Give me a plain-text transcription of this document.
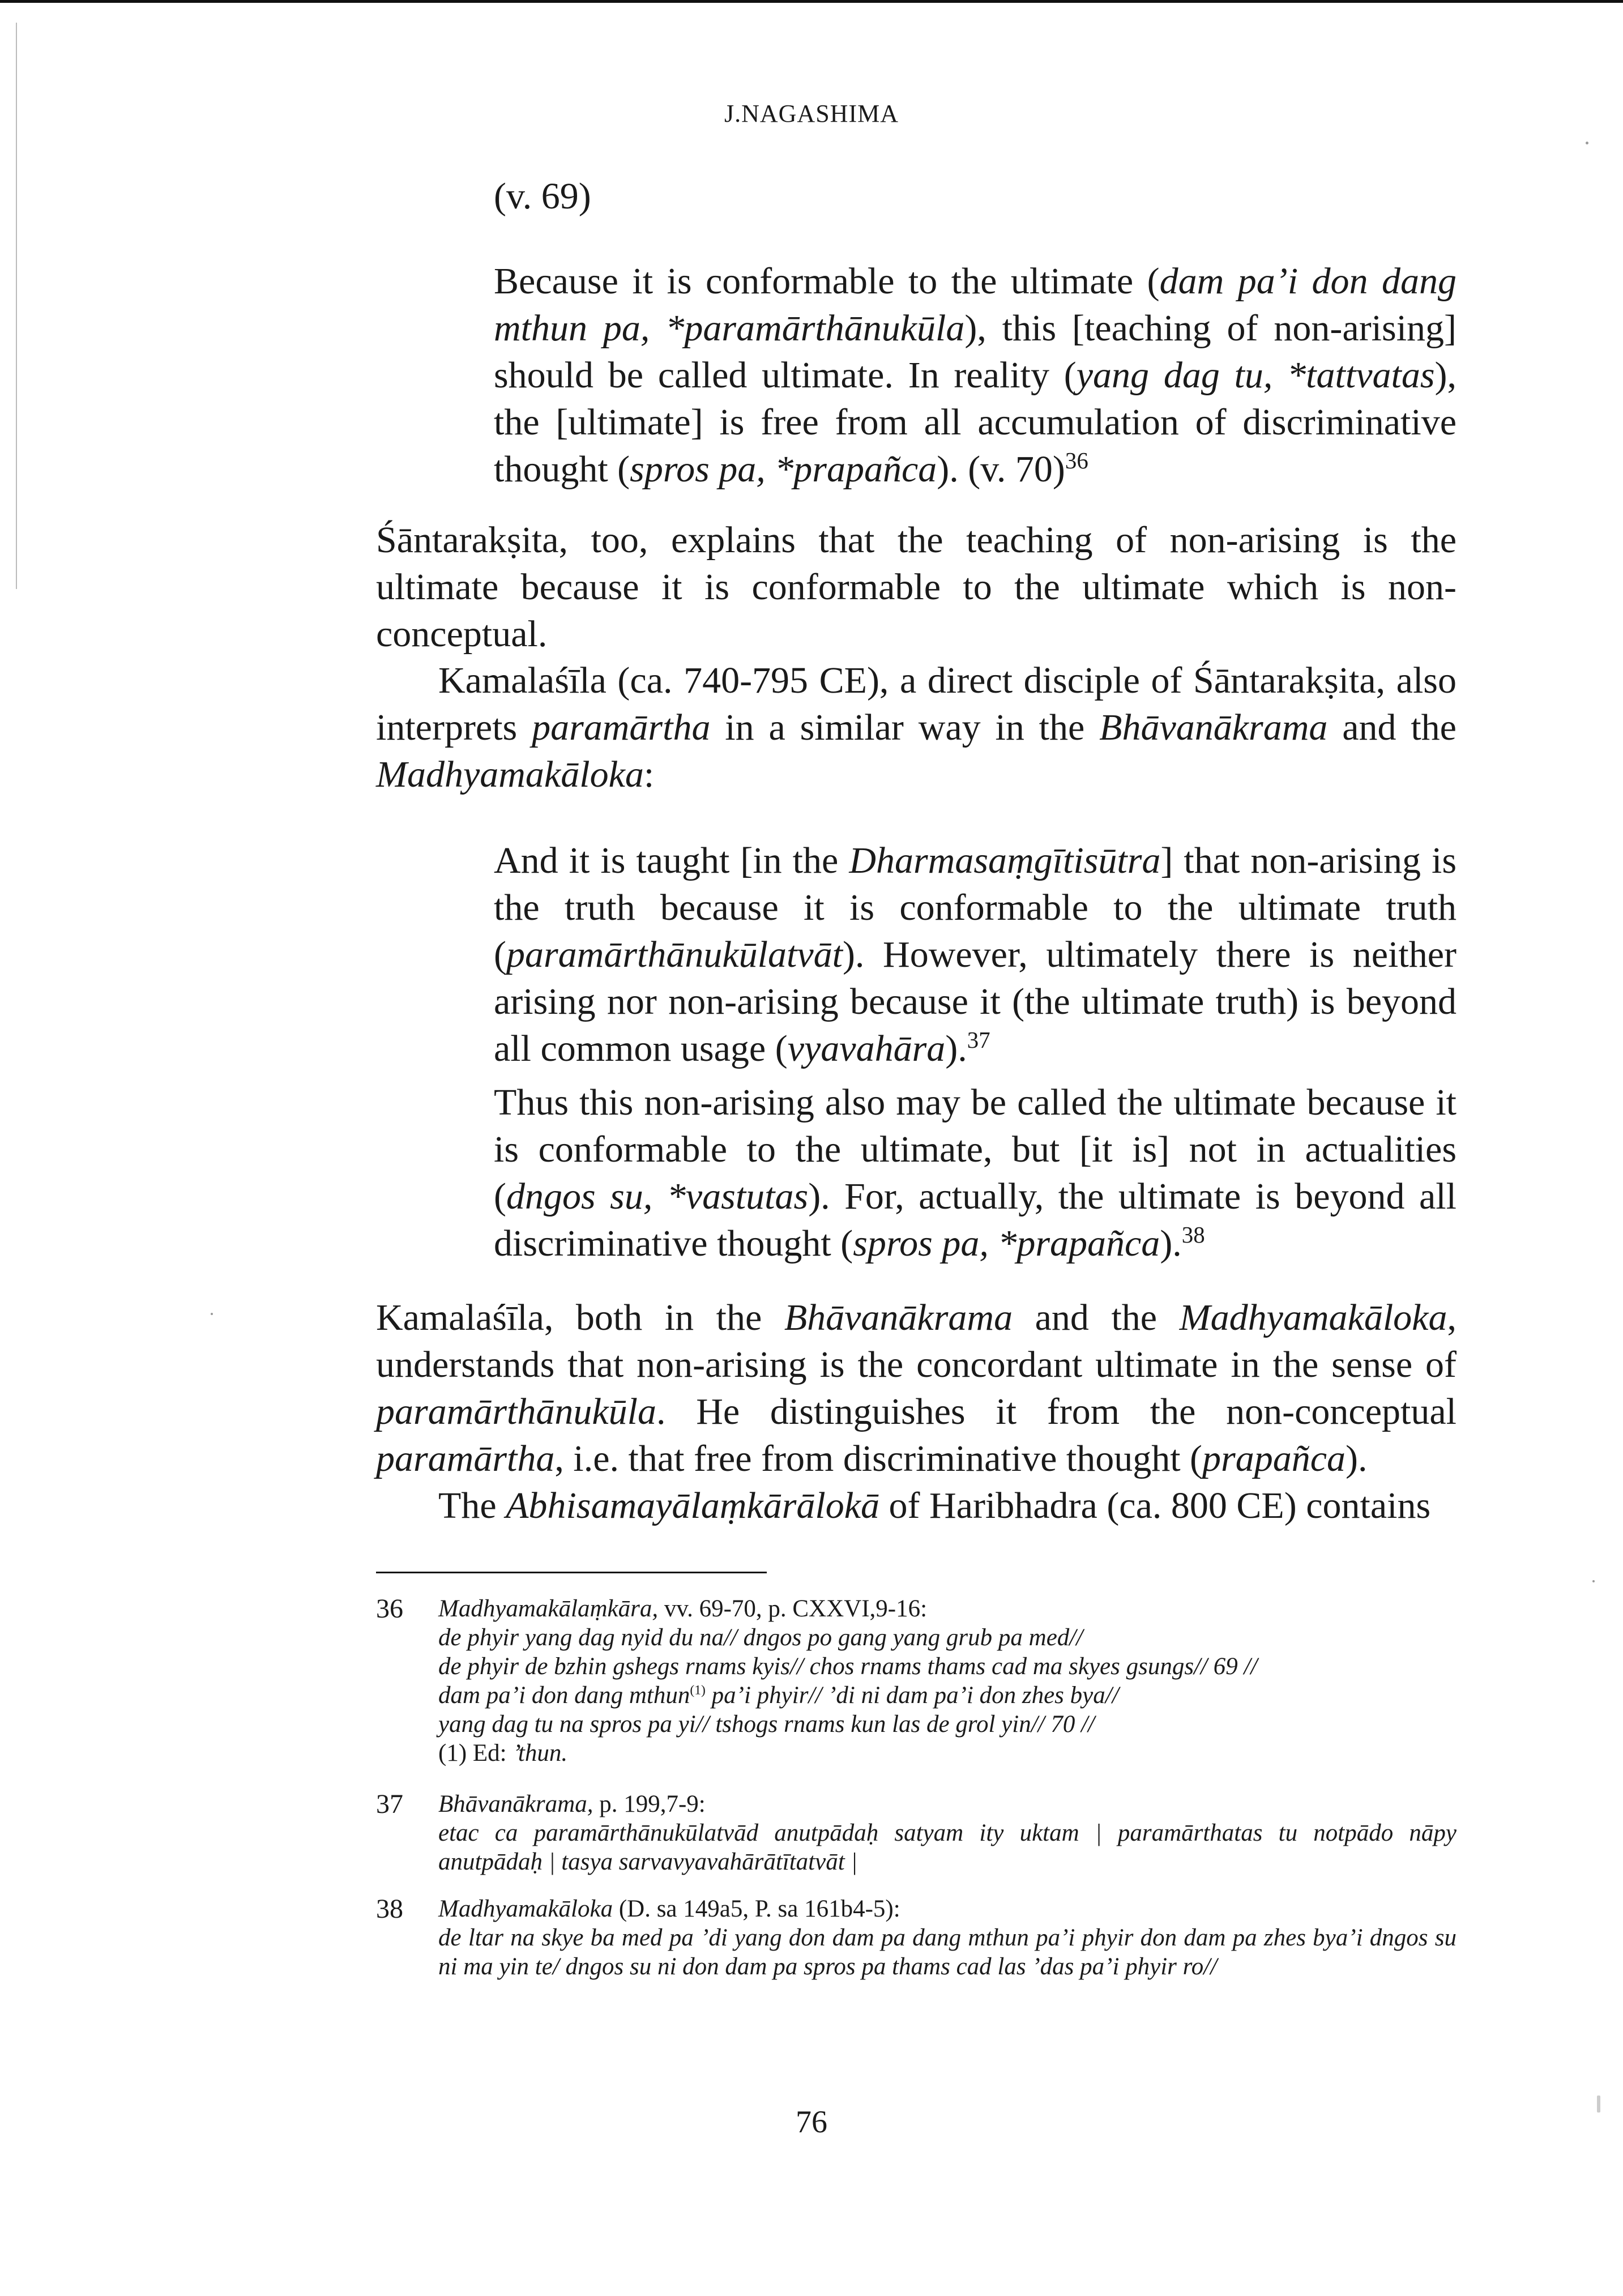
J.NAGASHIMA
(v. 69)

Because it is conformable to the ultimate (dam pa’i don dang mthun pa, *paramārthānukūla), this [teaching of non-arising] should be called ultimate. In reality (yang dag tu, *tattvatas), the [ultimate] is free from all accumulation of discriminative thought (spros pa, *prapañca). (v. 70)$^{36}$

Śāntarakṣita, too, explains that the teaching of non-arising is the ultimate because it is conformable to the ultimate which is non-conceptual.

Kamalaśīla (ca. 740-795 CE), a direct disciple of Śāntarakṣita, also interprets paramārtha in a similar way in the Bhāvanākrama and the Madhyamakāloka:

And it is taught [in the Dharmasaṃgītisūtra] that non-arising is the truth because it is conformable to the ultimate truth (paramārthānukūlatvāt). However, ultimately there is neither arising nor non-arising because it (the ultimate truth) is beyond all common usage (vyavahāra).$^{37}$

Thus this non-arising also may be called the ultimate because it is conformable to the ultimate, but [it is] not in actualities (dngos su, *vastutas). For, actually, the ultimate is beyond all discriminative thought (spros pa, *prapañca).$^{38}$

Kamalaśīla, both in the Bhāvanākrama and the Madhyamakāloka, understands that non-arising is the concordant ultimate in the sense of paramārthānukūla. He distinguishes it from the non-conceptual paramārtha, i.e. that free from discriminative thought (prapañca).

The Abhisamayālaṃkārālokā of Haribhadra (ca. 800 CE) contains

36 Madhyamakālaṃkāra, vv. 69-70, p. CXXVI,9-16:
de phyir yang dag nyid du na// dngos po gang yang grub pa med//
de phyir de bzhin gshegs rnams kyis// chos rnams thams cad ma skyes gsungs// 69 //
dam pa’i don dang mthun$^{(1)}$ pa’i phyir// ’di ni dam pa’i don zhes bya//
yang dag tu na spros pa yi// tshogs rnams kun las de grol yin// 70 //
(1) Ed: ’thun.
37 Bhāvanākrama, p. 199,7-9:
etac ca paramārthānukūlatvād anutpādaḥ satyam ity uktam | paramārthatas tu notpādo nāpy anutpādaḥ | tasya sarvavyavahārātītatvāt |
38 Madhyamakāloka (D. sa 149a5, P. sa 161b4-5):
de ltar na skye ba med pa ’di yang don dam pa dang mthun pa’i phyir don dam pa zhes bya’i dngos su ni ma yin te/ dngos su ni don dam pa spros pa thams cad las ’das pa’i phyir ro//
76
